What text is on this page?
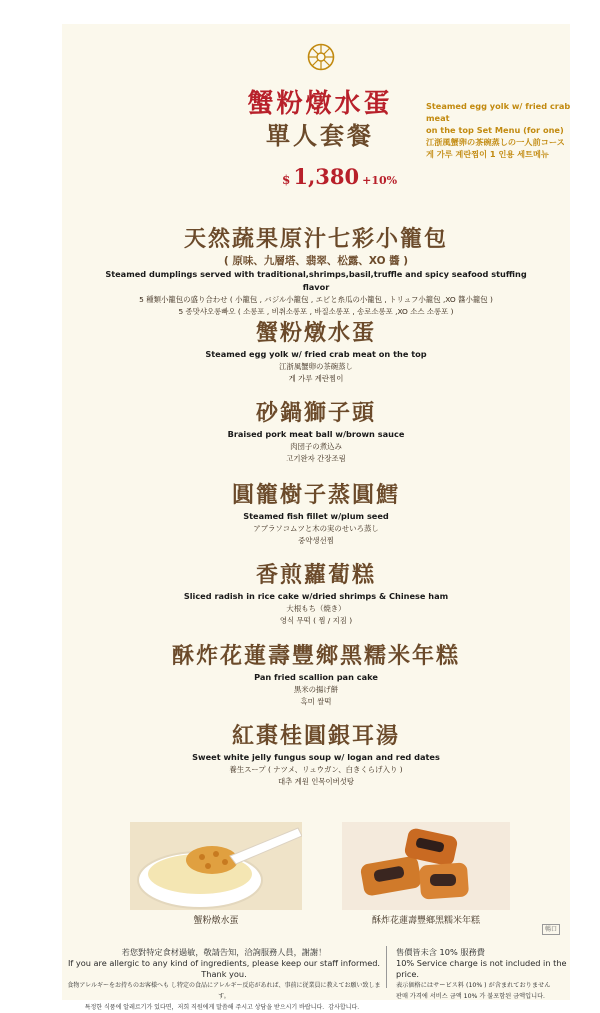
蟹粉燉水蛋
單人套餐
Steamed egg yolk w/ fried crab meat
on the top Set Menu (for one)
江浙風蟹卵の茶碗蒸しの一人前コース
게 가루 계란찜이 1 인용 세트메뉴
$ 1,380 +10%
天然蔬果原汁七彩小籠包
( 原味、九層塔、翡翠、松露、XO 醬 )
Steamed dumplings served with traditional,shrimps,basil,truffle and spicy seafood stuffing flavor
5 種類小籠包の盛り合わせ ( 小籠包 , バジル小籠包 , エビと糸瓜の小籠包 , トリュフ小籠包 ,XO 醬小籠包 )
5 종맛샤오롱빠오 ( 소롱포 , 비취소롱포 , 바질소롱포 , 송로소롱포 ,XO 소스 소롱포 )
蟹粉燉水蛋
Steamed egg yolk w/ fried crab meat on the top
江浙風蟹卵の茶碗蒸し
게 가루 계란찜이
砂鍋獅子頭
Braised pork meat ball w/brown sauce
肉団子の煮込み
고기완자 간장조림
圓籠樹子蒸圓鱈
Steamed fish fillet w/plum seed
アブラソコムツと木の実のせいろ蒸し
중약생선찜
香煎蘿蔔糕
Sliced radish in rice cake w/dried shrimps & Chinese ham
大根もち（焼き）
영식 무떡 ( 찜 / 지짐 )
酥炸花蓮壽豐鄉黑糯米年糕
Pan fried scallion pan cake
黒米の揚げ餅
흑미 쌀떡
紅棗桂圓銀耳湯
Sweet white jelly fungus soup w/ logan and red dates
養生スープ ( ナツメ、リュウガン、白きくらげ入り )
대추 계원 인목이버섯탕
蟹粉燉水蛋	酥炸花蓮壽豐鄉黑糯米年糕
暢口
若您對特定食材過敏，敬請告知，洽詢服務人員，謝謝！
If you are allergic to any kind of ingredients, please keep our staff informed. Thank you.
食物アレルギーをお持ちのお客様へも し特定の食品にアレルギー反応があれば、事前に従業員に教えてお願い致します。
특정한 식품에 알레르기가 있다면，저희 직원에게 말씀해 주시고 상담을 받으시기 바랍니다．감사합니다．
售價皆未含 10% 服務費
10% Service charge is not included in the price.
表示価格にはサービス料 (10% ) が含まれておりません
판매 가격에 서비스 금액 10% 가 불포함된 금액입니다．
